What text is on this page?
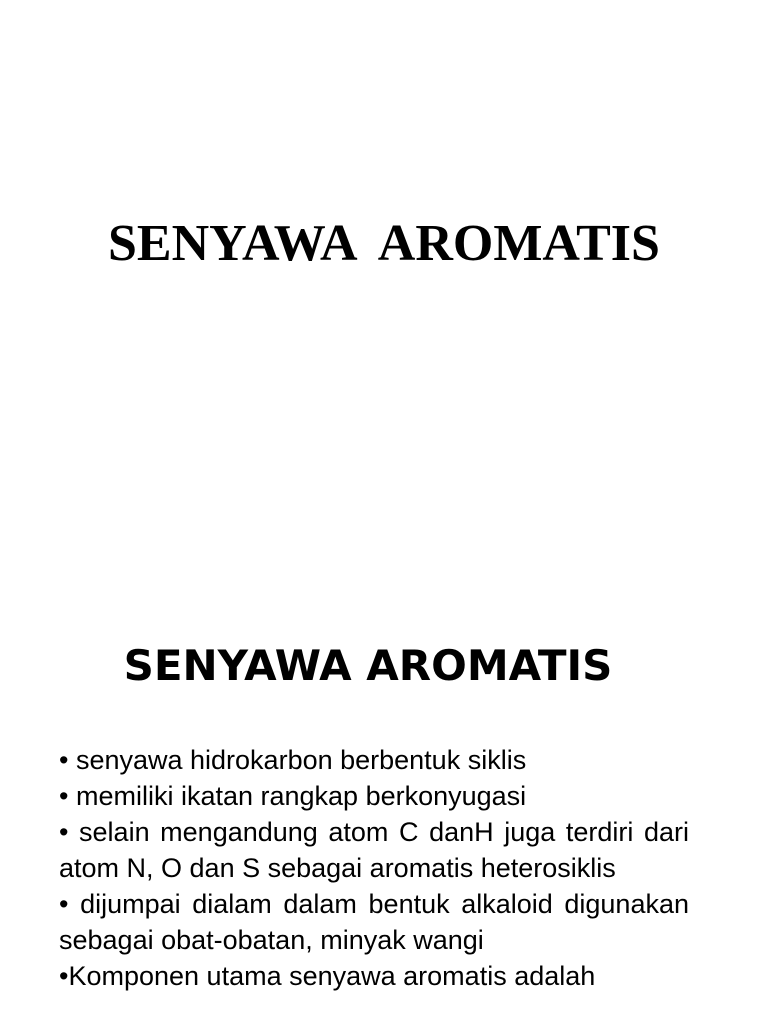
SENYAWA  AROMATIS
SENYAWA AROMATIS
• senyawa hidrokarbon berbentuk siklis
• memiliki ikatan rangkap berkonyugasi
• selain mengandung atom C danH juga terdiri dari atom N, O dan S sebagai aromatis heterosiklis
• dijumpai dialam dalam bentuk alkaloid digunakan sebagai obat-obatan, minyak wangi
•Komponen utama senyawa aromatis adalah
